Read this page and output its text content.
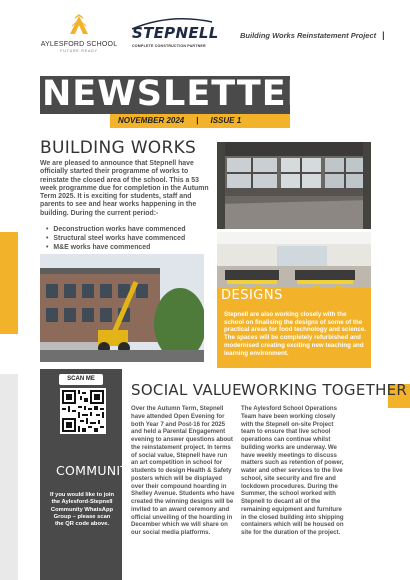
AYLESFORD SCHOOL
FUTURE READY
STEPNELL
COMPLETE CONSTRUCTION PARTNER
Building Works Reinstatement Project |
NEWSLETTER
NOVEMBER 2024 | ISSUE 1
BUILDING WORKS
We are pleased to announce that Stepnell have officially started their programme of works to reinstate the closed area of the school. This a 53 week programme due for completion in the Autumn Term 2025. It is exciting for students, staff and parents to see and hear works happening in the building. During the current period:-
• Deconstruction works have commenced
• Structural steel works have commenced
• M&E works have commenced
DESIGNS
Stepnell are also working closely with the school on finalising the designs of some of the practical areas for food technology and science. The spaces will be completely refurbished and modernised creating exciting new teaching and learning environment.
SCAN ME
COMMUNITY
If you would like to join the Aylesford-Stepnell Community WhatsApp Group – please scan the QR code above.
SOCIAL VALUE
Over the Autumn Term, Stepnell have attended Open Evening for both Year 7 and Post-16 for 2025 and held a Parental Engagement evening to answer questions about the reinstatement project. In terms of social value, Stepnell have run an art competition in school for students to design Health & Safety posters which will be displayed over their compound hoarding in Shelley Avenue. Students who have created the winning designs will be invited to an award ceremony and official unveiling of the hoarding in December which we will share on our social media platforms.
WORKING TOGETHER
The Aylesford School Operations Team have been working closely with the Stepnell on-site Project team to ensure that live school operations can continue whilst building works are underway. We have weekly meetings to discuss matters such as retention of power, water and other services to the live school, site security and fire and lockdown procedures. During the Summer, the school worked with Stepnell to decant all of the remaining equipment and furniture in the closed building into shipping containers which will be housed on site for the duration of the project.
